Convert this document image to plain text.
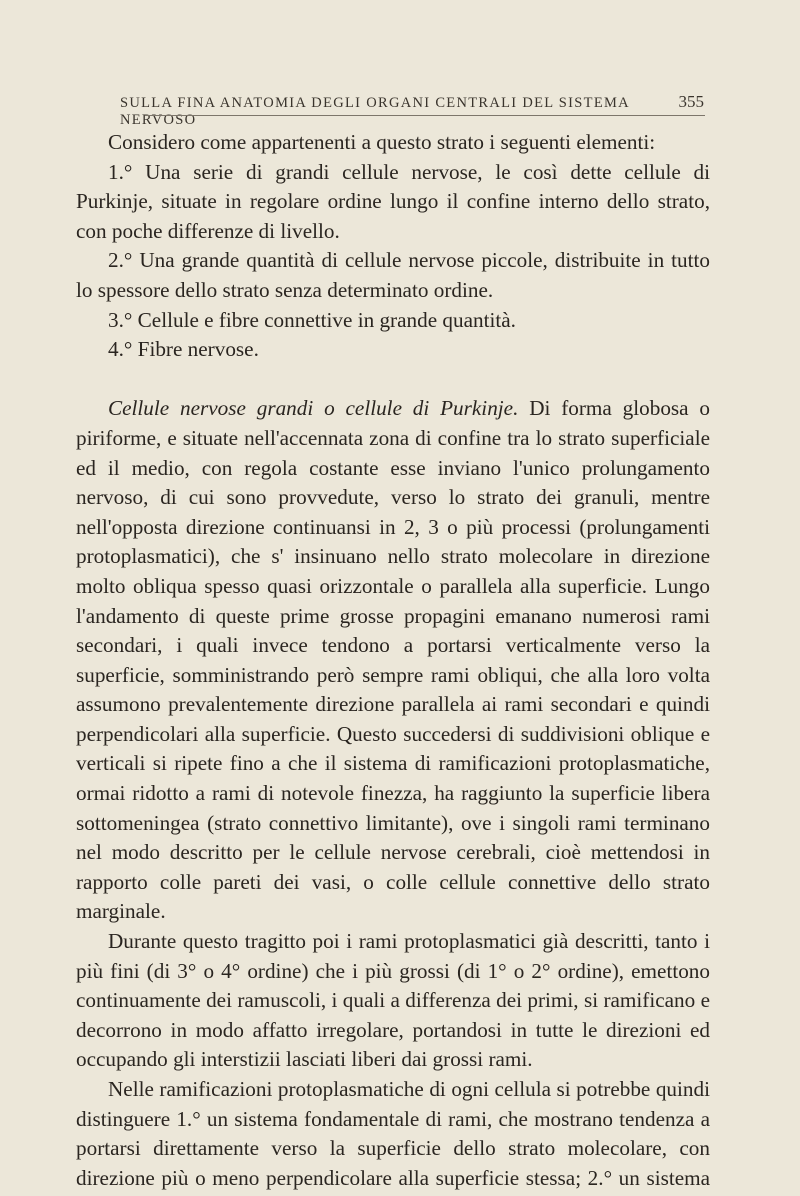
SULLA FINA ANATOMIA DEGLI ORGANI CENTRALI DEL SISTEMA NERVOSO
355

Considero come appartenenti a questo strato i seguenti elementi:

1.° Una serie di grandi cellule nervose, le così dette cellule di Purkinje, situate in regolare ordine lungo il confine interno dello strato, con poche differenze di livello.

2.° Una grande quantità di cellule nervose piccole, distribuite in tutto lo spessore dello strato senza determinato ordine.

3.° Cellule e fibre connettive in grande quantità.

4.° Fibre nervose.

Cellule nervose grandi o cellule di Purkinje. Di forma globosa o piriforme, e situate nell'accennata zona di confine tra lo strato superficiale ed il medio, con regola costante esse inviano l'unico prolungamento nervoso, di cui sono provvedute, verso lo strato dei granuli, mentre nell'opposta direzione continuansi in 2, 3 o più processi (prolungamenti protoplasmatici), che s' insinuano nello strato molecolare in direzione molto obliqua spesso quasi orizzontale o parallela alla superficie. Lungo l'andamento di queste prime grosse propagini emanano numerosi rami secondari, i quali invece tendono a portarsi verticalmente verso la superficie, somministrando però sempre rami obliqui, che alla loro volta assumono prevalentemente direzione parallela ai rami secondari e quindi perpendicolari alla superficie. Questo succedersi di suddivisioni oblique e verticali si ripete fino a che il sistema di ramificazioni protoplasmatiche, ormai ridotto a rami di notevole finezza, ha raggiunto la superficie libera sottomeningea (strato connettivo limitante), ove i singoli rami terminano nel modo descritto per le cellule nervose cerebrali, cioè mettendosi in rapporto colle pareti dei vasi, o colle cellule connettive dello strato marginale.

Durante questo tragitto poi i rami protoplasmatici già descritti, tanto i più fini (di 3° o 4° ordine) che i più grossi (di 1° o 2° ordine), emettono continuamente dei ramuscoli, i quali a differenza dei primi, si ramificano e decorrono in modo affatto irregolare, portandosi in tutte le direzioni ed occupando gli interstizii lasciati liberi dai grossi rami.

Nelle ramificazioni protoplasmatiche di ogni cellula si potrebbe quindi distinguere 1.° un sistema fondamentale di rami, che mostrano tendenza a portarsi direttamente verso la superficie dello strato molecolare, con direzione più o meno perpendicolare alla superficie stessa; 2.° un sistema
